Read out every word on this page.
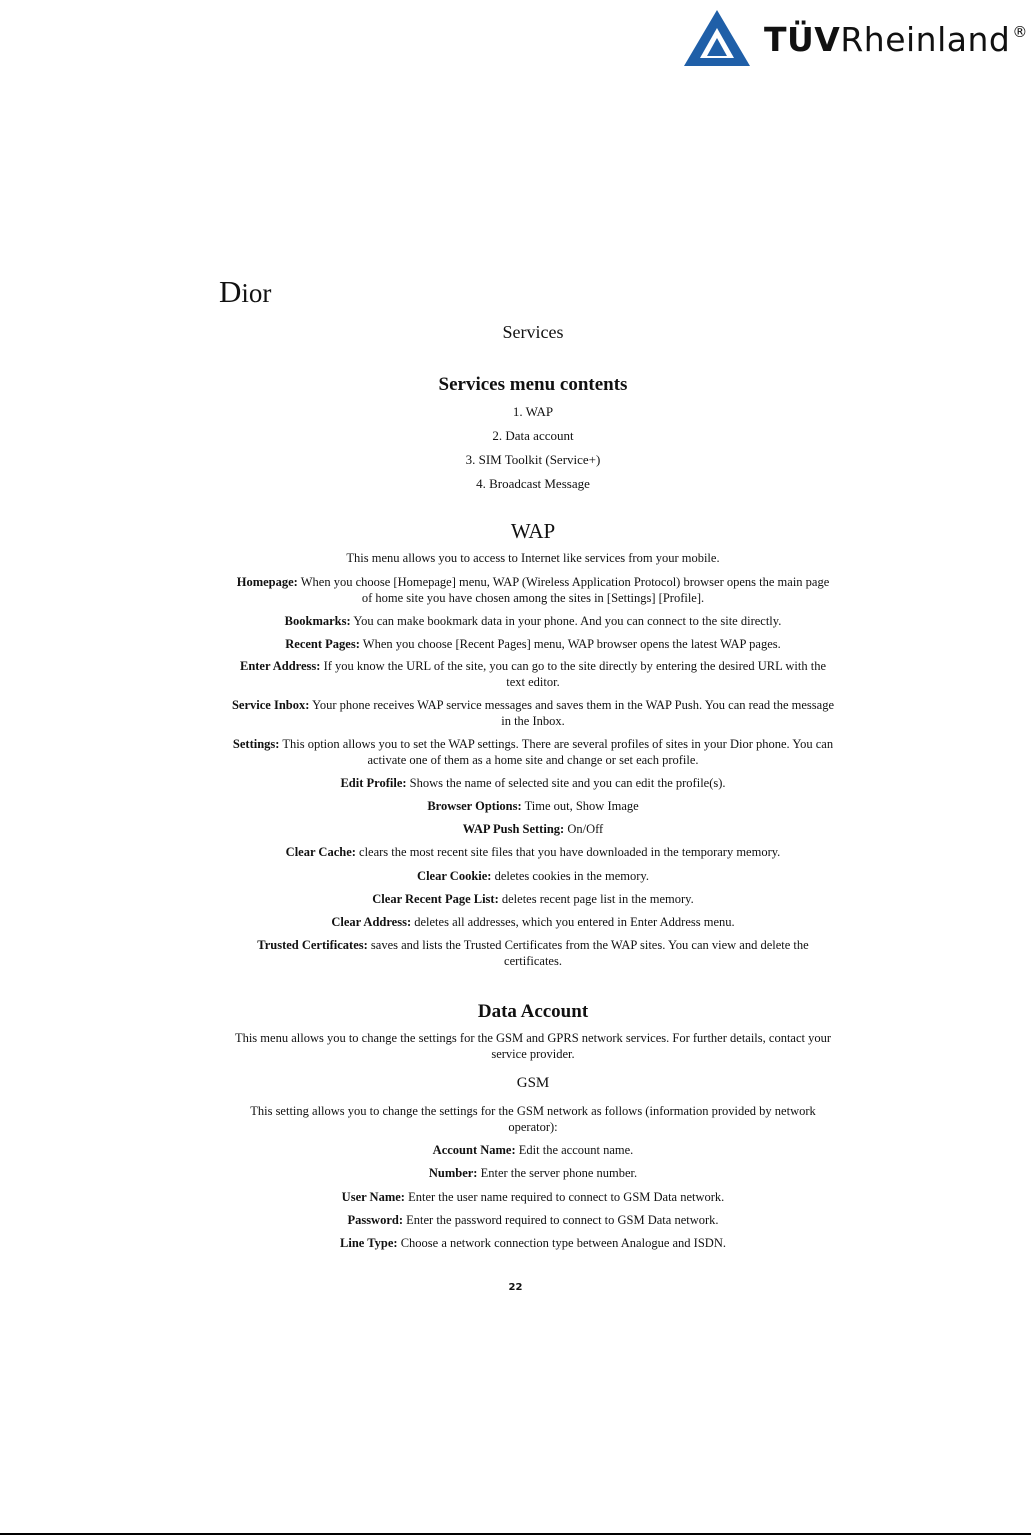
TÜVRheinland ®
Dior
Services
Services menu contents
1. WAP
2. Data account
3. SIM Toolkit (Service+)
4. Broadcast Message
WAP
This menu allows you to access to Internet like services from your mobile.
Homepage: When you choose [Homepage] menu, WAP (Wireless Application Protocol) browser opens the main page of home site you have chosen among the sites in [Settings] [Profile].
Bookmarks: You can make bookmark data in your phone. And you can connect to the site directly.
Recent Pages: When you choose [Recent Pages] menu, WAP browser opens the latest WAP pages.
Enter Address: If you know the URL of the site, you can go to the site directly by entering the desired URL with the text editor.
Service Inbox: Your phone receives WAP service messages and saves them in the WAP Push. You can read the message in the Inbox.
Settings: This option allows you to set the WAP settings. There are several profiles of sites in your Dior phone. You can activate one of them as a home site and change or set each profile.
Edit Profile: Shows the name of selected site and you can edit the profile(s).
Browser Options: Time out, Show Image
WAP Push Setting: On/Off
Clear Cache: clears the most recent site files that you have downloaded in the temporary memory.
Clear Cookie: deletes cookies in the memory.
Clear Recent Page List: deletes recent page list in the memory.
Clear Address: deletes all addresses, which you entered in Enter Address menu.
Trusted Certificates: saves and lists the Trusted Certificates from the WAP sites. You can view and delete the certificates.
Data Account
This menu allows you to change the settings for the GSM and GPRS network services. For further details, contact your service provider.
GSM
This setting allows you to change the settings for the GSM network as follows (information provided by network operator):
Account Name: Edit the account name.
Number: Enter the server phone number.
User Name: Enter the user name required to connect to GSM Data network.
Password: Enter the password required to connect to GSM Data network.
Line Type: Choose a network connection type between Analogue and ISDN.
22
